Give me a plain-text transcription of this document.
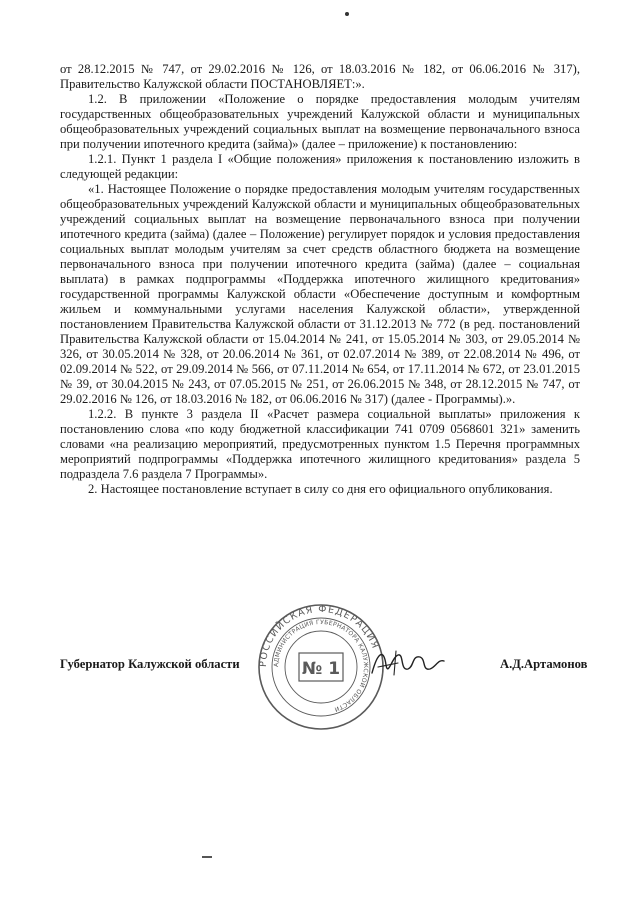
от 28.12.2015 № 747, от 29.02.2016 № 126, от 18.03.2016 № 182, от 06.06.2016 № 317), Правительство Калужской области ПОСТАНОВЛЯЕТ:».

1.2. В приложении «Положение о порядке предоставления молодым учителям государственных общеобразовательных учреждений Калужской области и муниципальных общеобразовательных учреждений социальных выплат на возмещение первоначального взноса при получении ипотечного кредита (займа)» (далее – приложение) к постановлению:

1.2.1. Пункт 1 раздела I «Общие положения» приложения к постановлению изложить в следующей редакции:

«1. Настоящее Положение о порядке предоставления молодым учителям государственных общеобразовательных учреждений Калужской области и муниципальных общеобразовательных учреждений социальных выплат на возмещение первоначального взноса при получении ипотечного кредита (займа) (далее – Положение) регулирует порядок и условия предоставления социальных выплат молодым учителям за счет средств областного бюджета на возмещение первоначального взноса при получении ипотечного кредита (займа) (далее – социальная выплата) в рамках подпрограммы «Поддержка ипотечного жилищного кредитования» государственной программы Калужской области «Обеспечение доступным и комфортным жильем и коммунальными услугами населения Калужской области», утвержденной постановлением Правительства Калужской области от 31.12.2013 № 772 (в ред. постановлений Правительства Калужской области от 15.04.2014 № 241, от 15.05.2014 № 303, от 29.05.2014 № 326, от 30.05.2014 № 328, от 20.06.2014 № 361, от 02.07.2014 № 389, от 22.08.2014 № 496, от 02.09.2014 № 522, от 29.09.2014 № 566, от 07.11.2014 № 654, от 17.11.2014 № 672, от 23.01.2015 № 39, от 30.04.2015 № 243, от 07.05.2015 № 251, от 26.06.2015 № 348, от 28.12.2015 № 747, от 29.02.2016 № 126, от 18.03.2016 № 182, от 06.06.2016 № 317) (далее - Программы).».

1.2.2. В пункте 3 раздела II «Расчет размера социальной выплаты» приложения к постановлению слова «по коду бюджетной классификации 741 0709 0568601 321» заменить словами «на реализацию мероприятий, предусмотренных пунктом 1.5 Перечня программных мероприятий подпрограммы «Поддержка ипотечного жилищного кредитования» раздела 5 подраздела 7.6 раздела 7 Программы».

2. Настоящее постановление вступает в силу со дня его официального опубликования.

РОССИЙСКАЯ ФЕДЕРАЦИЯ
АДМИНИСТРАЦИЯ ГУБЕРНАТОРА КАЛУЖСКОЙ ОБЛАСТИ
№ 1
Губернатор Калужской области	А.Д.Артамонов
